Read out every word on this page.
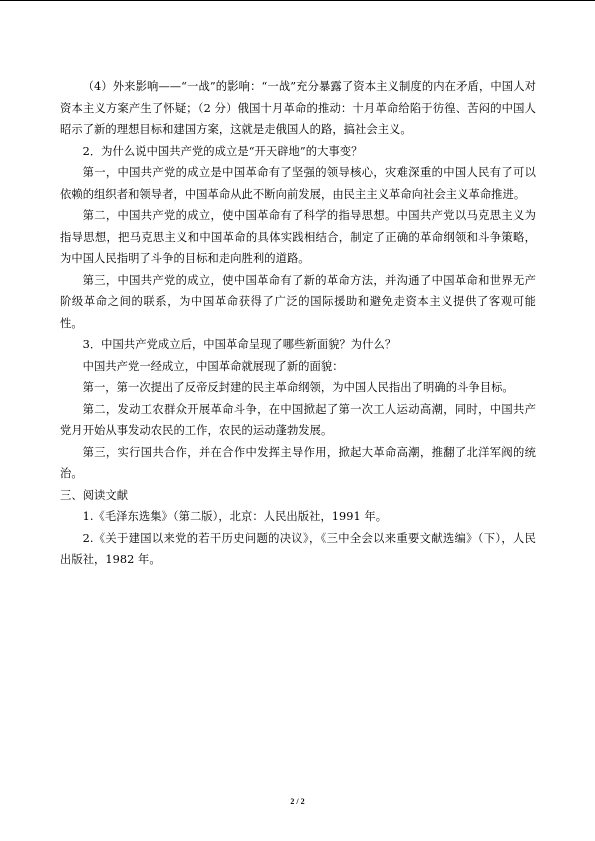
（4）外来影响——“一战”的影响：“一战”充分暴露了资本主义制度的内在矛盾，中国人对资本主义方案产生了怀疑；（2 分）俄国十月革命的推动：十月革命给陷于彷徨、苦闷的中国人昭示了新的理想目标和建国方案，这就是走俄国人的路，搞社会主义。

2．为什么说中国共产党的成立是“开天辟地”的大事变？

第一，中国共产党的成立是中国革命有了坚强的领导核心，灾难深重的中国人民有了可以依赖的组织者和领导者，中国革命从此不断向前发展，由民主主义革命向社会主义革命推进。

第二，中国共产党的成立，使中国革命有了科学的指导思想。中国共产党以马克思主义为指导思想，把马克思主义和中国革命的具体实践相结合，制定了正确的革命纲领和斗争策略，为中国人民指明了斗争的目标和走向胜利的道路。

第三，中国共产党的成立，使中国革命有了新的革命方法，并沟通了中国革命和世界无产阶级革命之间的联系，为中国革命获得了广泛的国际援助和避免走资本主义提供了客观可能性。

3．中国共产党成立后，中国革命呈现了哪些新面貌？为什么？

中国共产党一经成立，中国革命就展现了新的面貌：

第一，第一次提出了反帝反封建的民主革命纲领，为中国人民指出了明确的斗争目标。

第二，发动工农群众开展革命斗争，在中国掀起了第一次工人运动高潮，同时，中国共产党月开始从事发动农民的工作，农民的运动蓬勃发展。

第三，实行国共合作，并在合作中发挥主导作用，掀起大革命高潮，推翻了北洋军阀的统治。

三、阅读文献

1.《毛泽东选集》（第二版），北京：人民出版社，1991 年。

2.《关于建国以来党的若干历史问题的决议》，《三中全会以来重要文献选编》（下），人民出版社，1982 年。

2 / 2
